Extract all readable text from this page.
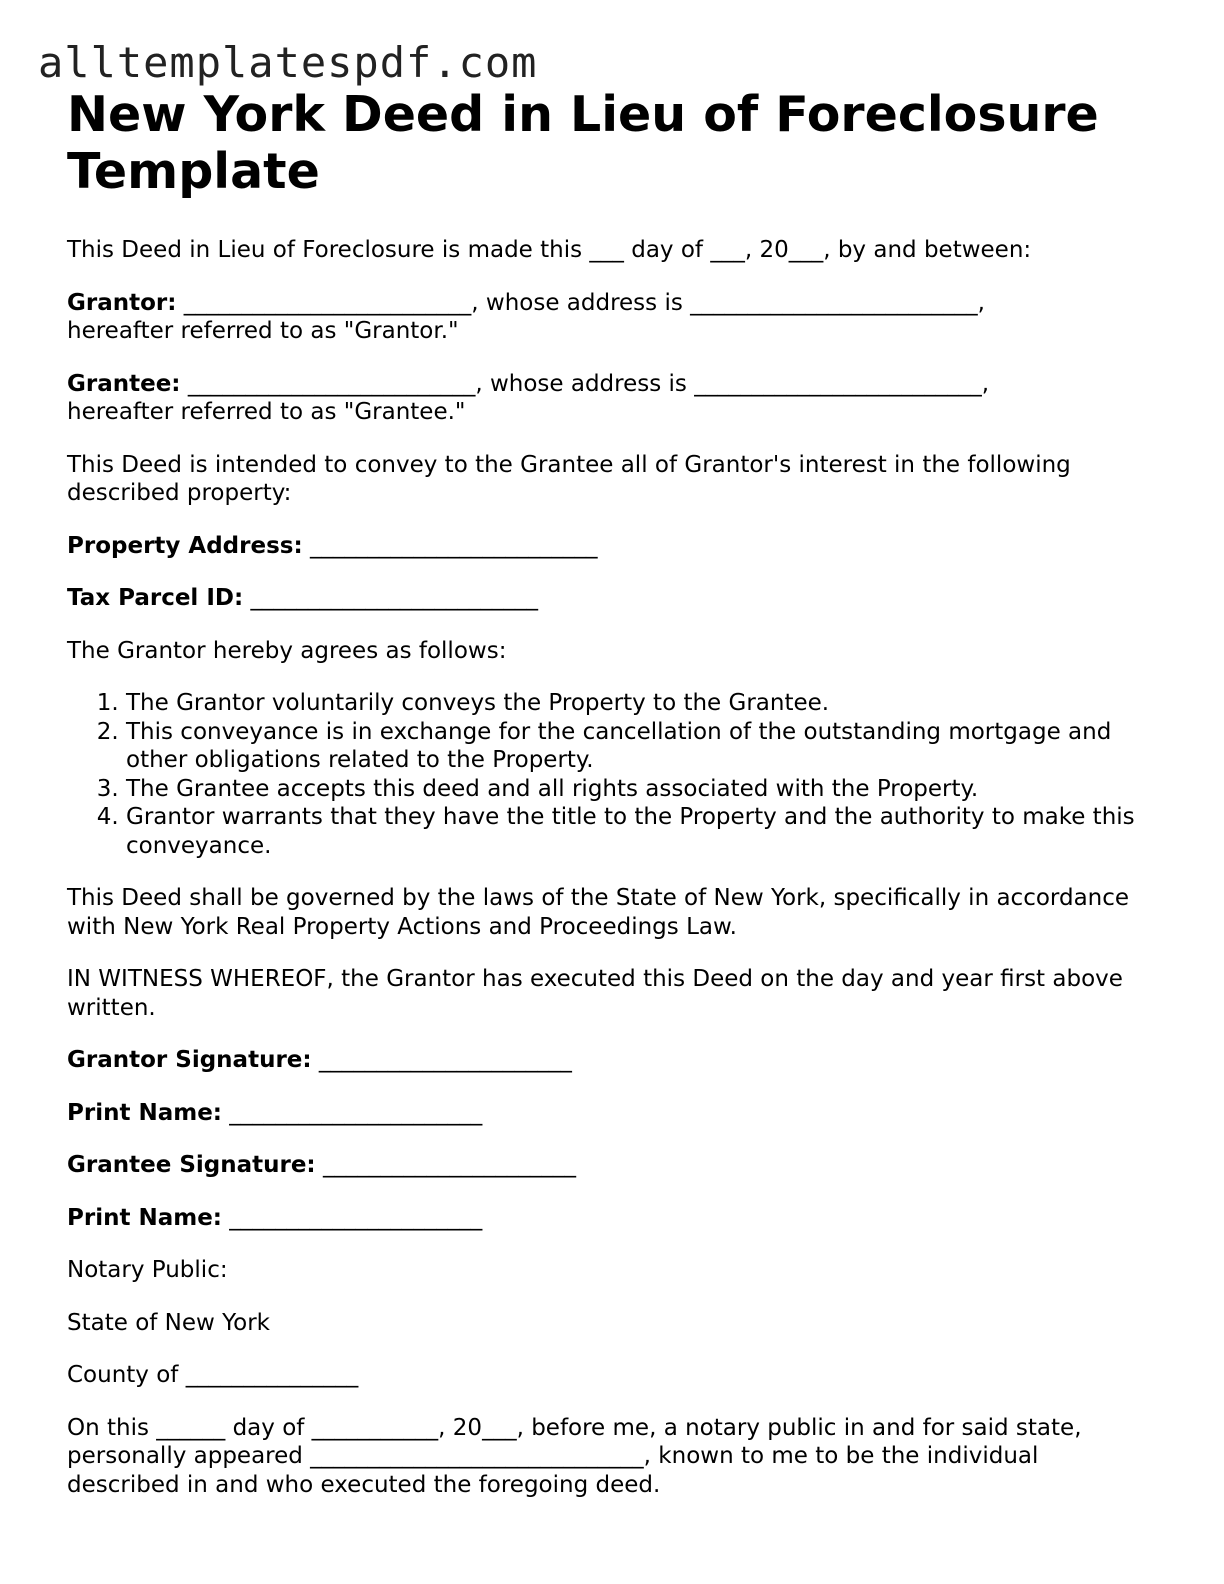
alltemplatespdf.com
New York Deed in Lieu of Foreclosure Template

This Deed in Lieu of Foreclosure is made this ___ day of ___, 20___, by and between:

Grantor: _________________________, whose address is _________________________,
hereafter referred to as "Grantor."

Grantee: _________________________, whose address is _________________________,
hereafter referred to as "Grantee."

This Deed is intended to convey to the Grantee all of Grantor's interest in the following described property:

Property Address: _________________________

Tax Parcel ID: _________________________

The Grantor hereby agrees as follows:

1. The Grantor voluntarily conveys the Property to the Grantee.
2. This conveyance is in exchange for the cancellation of the outstanding mortgage and other obligations related to the Property.
3. The Grantee accepts this deed and all rights associated with the Property.
4. Grantor warrants that they have the title to the Property and the authority to make this conveyance.

This Deed shall be governed by the laws of the State of New York, specifically in accordance with New York Real Property Actions and Proceedings Law.

IN WITNESS WHEREOF, the Grantor has executed this Deed on the day and year first above written.

Grantor Signature: ______________________

Print Name: ______________________

Grantee Signature: ______________________

Print Name: ______________________

Notary Public:

State of New York

County of _______________

On this ______ day of ___________, 20___, before me, a notary public in and for said state, personally appeared _____________________________, known to me to be the individual described in and who executed the foregoing deed.
